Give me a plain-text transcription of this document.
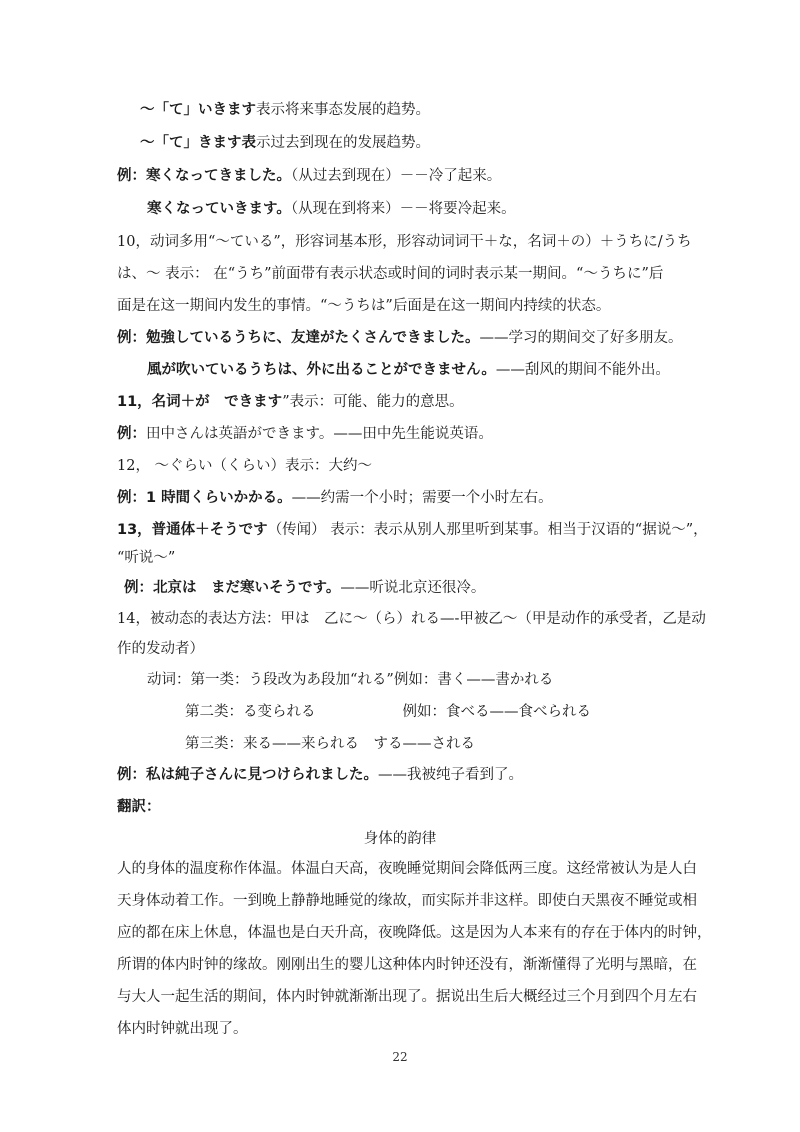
～「て」いきます表示将来事态发展的趋势。
～「て」きます表示过去到现在的发展趋势。
例：寒くなってきました。（从过去到现在）－－冷了起来。
寒くなっていきます。（从现在到将来）－－将要冷起来。
10，动词多用“～ている”，形容词基本形，形容动词词干＋な，名词＋の）＋うちに/うち
は、～ 表示： 在“うち”前面带有表示状态或时间的词时表示某一期间。“～うちに”后
面是在这一期间内发生的事情。“～うちは”后面是在这一期间内持续的状态。
例：勉強しているうちに、友達がたくさんできました。——学习的期间交了好多朋友。
風が吹いているうちは、外に出ることができません。——刮风的期间不能外出。
11，名词＋が　できます”表示：可能、能力的意思。
例：田中さんは英語ができます。——田中先生能说英语。
12， ～ぐらい（くらい）表示：大约～
例：1 時間くらいかかる。——约需一个小时；需要一个小时左右。
13，普通体＋そうです（传闻） 表示：表示从别人那里听到某事。相当于汉语的“据说～”，
“听说～”
例：北京は　まだ寒いそうです。——听说北京还很冷。
14，被动态的表达方法：甲は　乙に～（ら）れる—-甲被乙～（甲是动作的承受者，乙是动
作的发动者）
动词：第一类：う段改为あ段加“れる”例如：書く——書かれる
第二类：る变られる　　　　　　例如：食べる——食べられる
第三类：来る——来られる　する——される
例：私は純子さんに見つけられました。——我被纯子看到了。
翻訳：
身体的韵律
人的身体的温度称作体温。体温白天高，夜晚睡觉期间会降低两三度。这经常被认为是人白
天身体动着工作。一到晚上静静地睡觉的缘故，而实际并非这样。即使白天黑夜不睡觉或相
应的都在床上休息，体温也是白天升高，夜晚降低。这是因为人本来有的存在于体内的时钟，
所谓的体内时钟的缘故。刚刚出生的婴儿这种体内时钟还没有，渐渐懂得了光明与黑暗，在
与大人一起生活的期间，体内时钟就渐渐出现了。据说出生后大概经过三个月到四个月左右
体内时钟就出现了。
22
